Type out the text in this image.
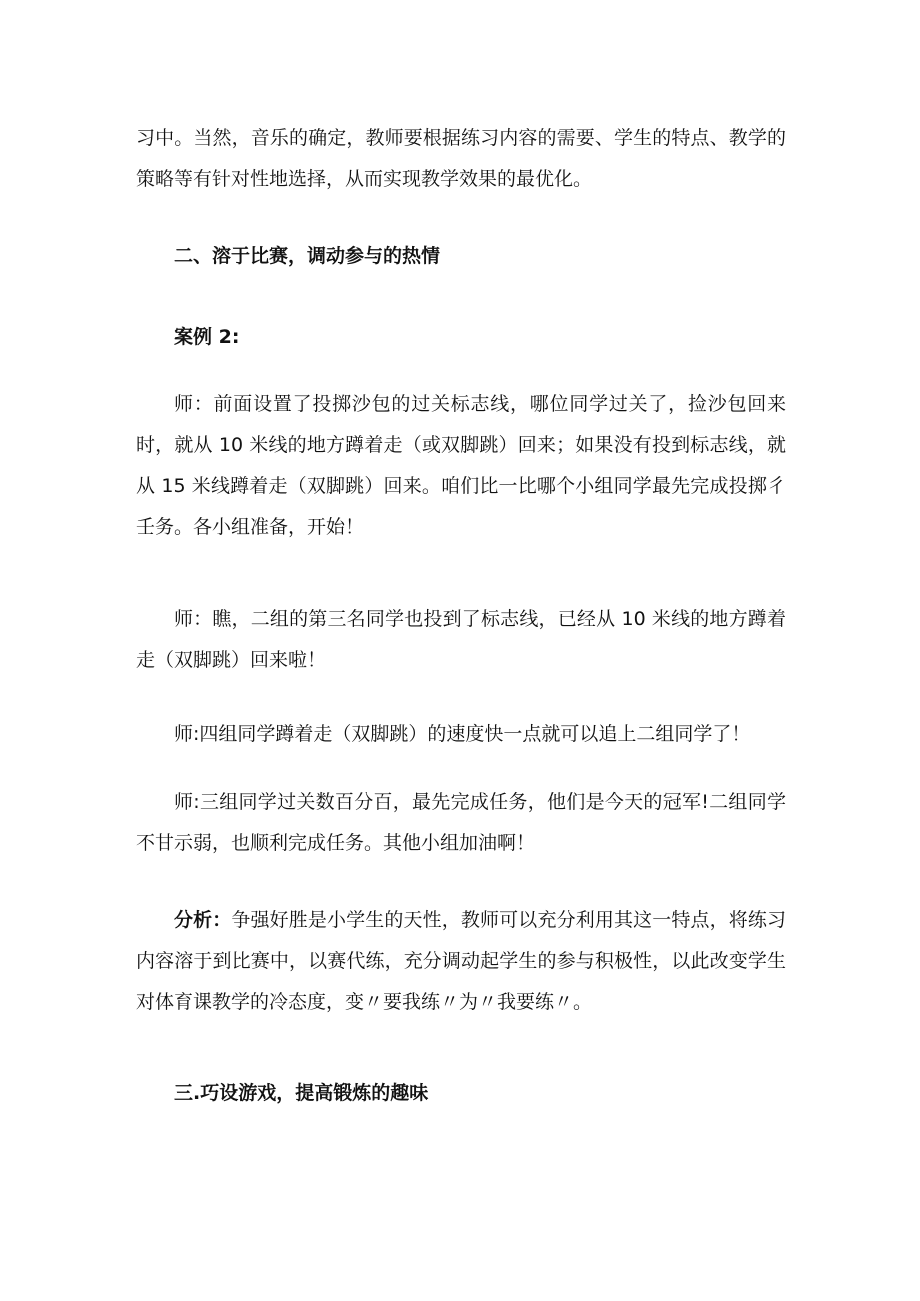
习中。当然，音乐的确定，教师要根据练习内容的需要、学生的特点、教学的策略等有针对性地选择，从而实现教学效果的最优化。

二、溶于比赛，调动参与的热情

案例 2:

师：前面设置了投掷沙包的过关标志线，哪位同学过关了，捡沙包回来时，就从 10 米线的地方蹲着走（或双脚跳）回来；如果没有投到标志线，就从 15 米线蹲着走（双脚跳）回来。咱们比一比哪个小组同学最先完成投掷彳壬务。各小组准备，开始！

师：瞧，二组的第三名同学也投到了标志线，已经从 10 米线的地方蹲着走（双脚跳）回来啦！

师:四组同学蹲着走（双脚跳）的速度快一点就可以追上二组同学了！

师:三组同学过关数百分百，最先完成任务，他们是今天的冠军!二组同学不甘示弱，也顺利完成任务。其他小组加油啊！

分析：争强好胜是小学生的天性，教师可以充分利用其这一特点，将练习内容溶于到比赛中，以赛代练，充分调动起学生的参与积极性，以此改变学生对体育课教学的冷态度，变〃要我练〃为〃我要练〃。

三.巧设游戏，提高锻炼的趣味
